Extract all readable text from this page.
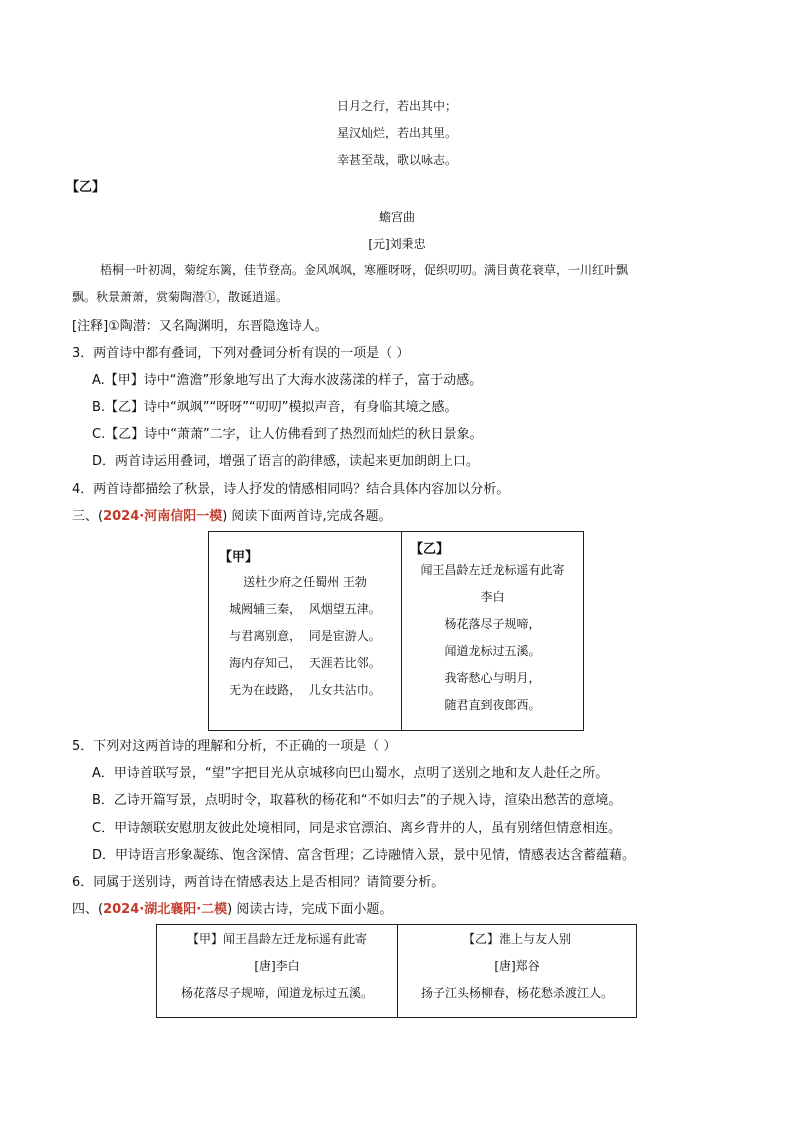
日月之行，若出其中；
星汉灿烂，若出其里。
幸甚至哉，歌以咏志。
【乙】
蟾宫曲
[元]刘秉忠
梧桐一叶初凋，菊绽东篱，佳节登高。金风飒飒，寒雁呀呀，促织叨叨。满目黄花衰草，一川红叶飘
飘。秋景萧萧，赏菊陶潜①，散诞逍遥。
[注释]①陶潜：又名陶渊明，东晋隐逸诗人。
3．两首诗中都有叠词，下列对叠词分析有误的一项是（ ）
A.【甲】诗中“澹澹”形象地写出了大海水波荡漾的样子，富于动感。
B.【乙】诗中“飒飒”“呀呀”“叨叨”模拟声音，有身临其境之感。
C.【乙】诗中“萧萧”二字，让人仿佛看到了热烈而灿烂的秋日景象。
D．两首诗运用叠词，增强了语言的韵律感，读起来更加朗朗上口。
4．两首诗都描绘了秋景，诗人抒发的情感相同吗？结合具体内容加以分析。
三、(2024·河南信阳一模) 阅读下面两首诗,完成各题。
【甲】
送杜少府之任蜀州 王勃
城阙辅三秦，  风烟望五津。
与君离别意，  同是宦游人。
海内存知己，  天涯若比邻。
无为在歧路，  儿女共沾巾。

【乙】
闻王昌龄左迁龙标遥有此寄
李白
杨花落尽子规啼，
闻道龙标过五溪。
我寄愁心与明月，
随君直到夜郎西。
5．下列对这两首诗的理解和分析，不正确的一项是（ ）
A．甲诗首联写景，“望”字把目光从京城移向巴山蜀水，点明了送别之地和友人赴任之所。
B．乙诗开篇写景，点明时令，取暮秋的杨花和“不如归去”的子规入诗，渲染出愁苦的意境。
C．甲诗颔联安慰朋友彼此处境相同，同是求官漂泊、离乡背井的人，虽有别绪但情意相连。
D．甲诗语言形象凝练、饱含深情、富含哲理；乙诗融情入景，景中见情，情感表达含蓄蕴藉。
6．同属于送别诗，两首诗在情感表达上是否相同？请简要分析。
四、(2024·湖北襄阳·二模) 阅读古诗，完成下面小题。
【甲】闻王昌龄左迁龙标遥有此寄
[唐]李白
杨花落尽子规啼，闻道龙标过五溪。

【乙】淮上与友人别
[唐]郑谷
扬子江头杨柳春，杨花愁杀渡江人。
